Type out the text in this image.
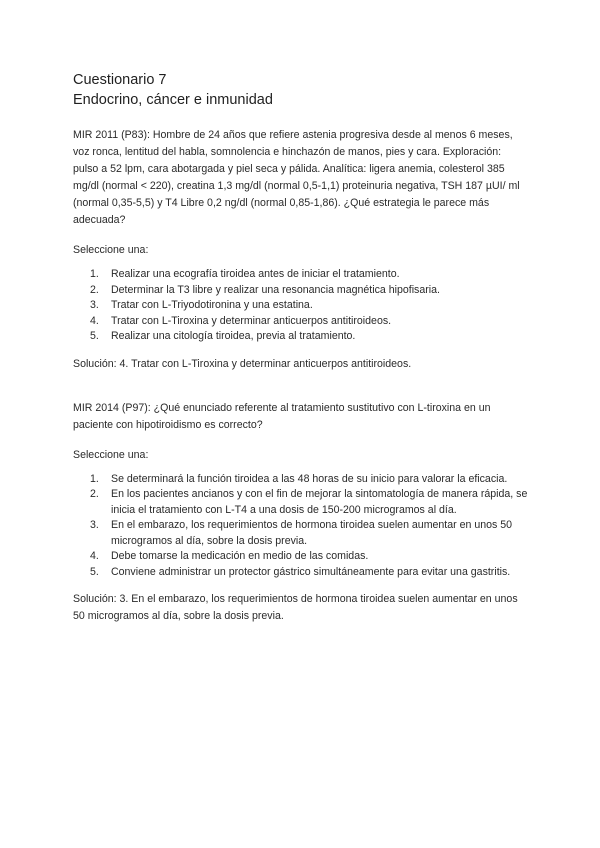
Cuestionario 7
Endocrino, cáncer e inmunidad
MIR 2011 (P83): Hombre de 24 años que refiere astenia progresiva desde al menos 6 meses, voz ronca, lentitud del habla, somnolencia e hinchazón de manos, pies y cara. Exploración: pulso a 52 lpm, cara abotargada y piel seca y pálida. Analítica: ligera anemia, colesterol 385 mg/dl (normal < 220), creatina 1,3 mg/dl (normal 0,5-1,1) proteinuria negativa, TSH 187 µUI/ ml (normal 0,35-5,5) y T4 Libre 0,2 ng/dl (normal 0,85-1,86). ¿Qué estrategia le parece más adecuada?
Seleccione una:
1. Realizar una ecografía tiroidea antes de iniciar el tratamiento.
2. Determinar la T3 libre y realizar una resonancia magnética hipofisaria.
3. Tratar con L-Triyodotironina y una estatina.
4. Tratar con L-Tiroxina y determinar anticuerpos antitiroideos.
5. Realizar una citología tiroidea, previa al tratamiento.
Solución: 4. Tratar con L-Tiroxina y determinar anticuerpos antitiroideos.
MIR 2014 (P97): ¿Qué enunciado referente al tratamiento sustitutivo con L-tiroxina en un paciente con hipotiroidismo es correcto?
Seleccione una:
1. Se determinará la función tiroidea a las 48 horas de su inicio para valorar la eficacia.
2. En los pacientes ancianos y con el fin de mejorar la sintomatología de manera rápida, se inicia el tratamiento con L-T4 a una dosis de 150-200 microgramos al día.
3. En el embarazo, los requerimientos de hormona tiroidea suelen aumentar en unos 50 microgramos al día, sobre la dosis previa.
4. Debe tomarse la medicación en medio de las comidas.
5. Conviene administrar un protector gástrico simultáneamente para evitar una gastritis.
Solución: 3. En el embarazo, los requerimientos de hormona tiroidea suelen aumentar en unos 50 microgramos al día, sobre la dosis previa.
